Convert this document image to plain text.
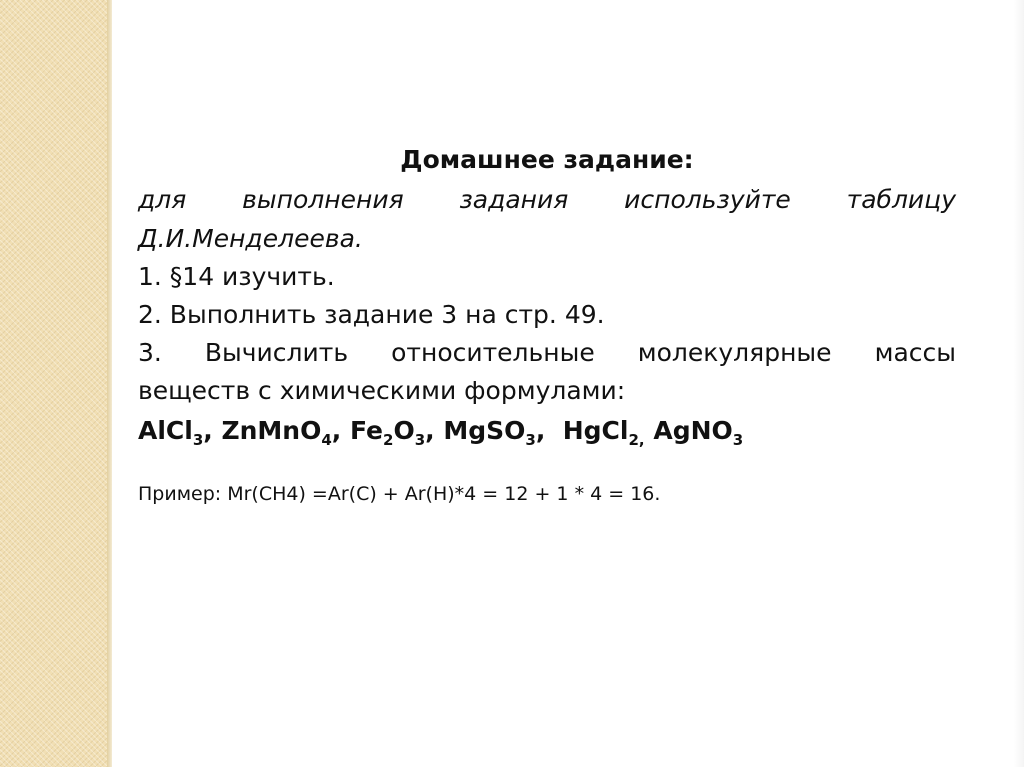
Домашнее задание:

для выполнения задания используйте таблицу

Д.И.Менделеева.

1. §14 изучить.

2. Выполнить задание 3 на стр. 49.

3. Вычислить относительные молекулярные массы

веществ с химическими формулами:

AlCl$_3$, ZnMnO$_4$, $Fe_2O_3$, MgSO$_3$,  HgCl$_{2,}$ AgNO$_3$

Пример: Mr(CH4) =Ar(C) + Ar(H)*4 = 12 + 1 * 4 = 16.
